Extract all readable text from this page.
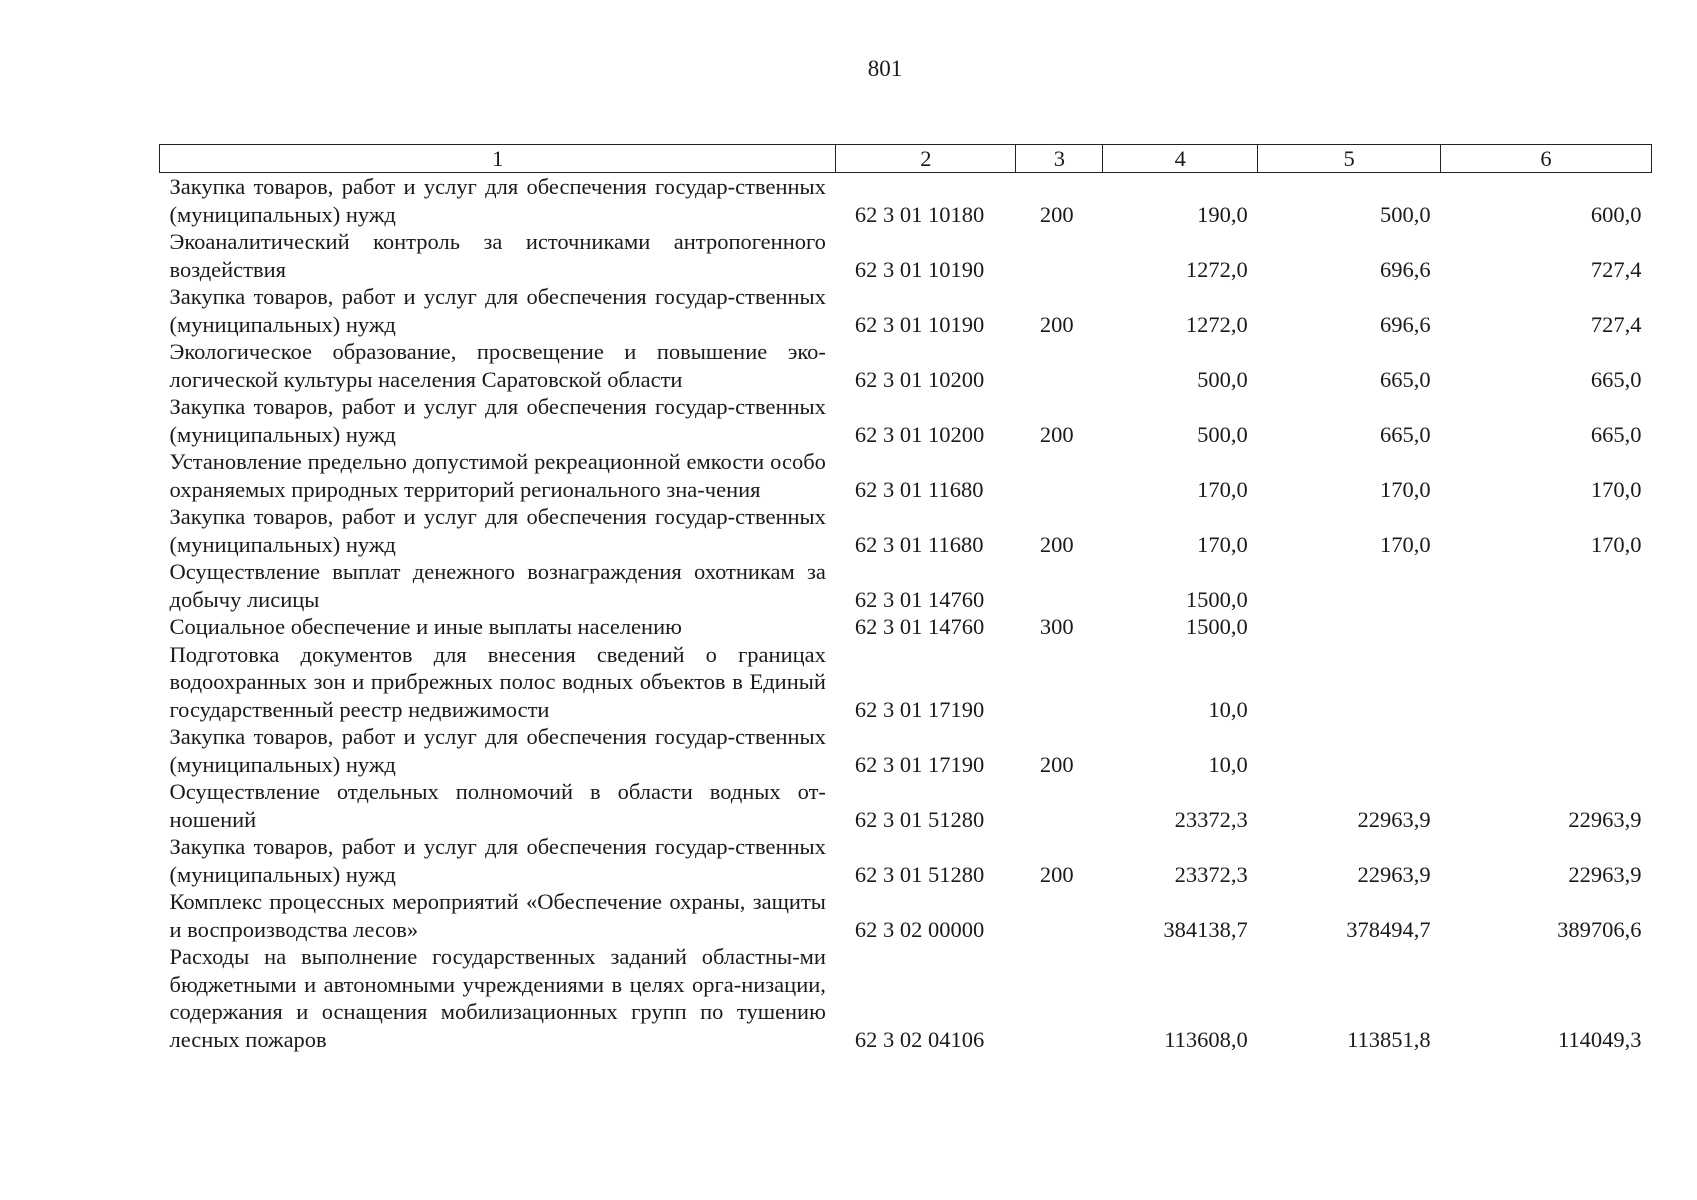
801
1	2	3	4	5	6
Закупка товаров, работ и услуг для обеспечения государ-ственных (муниципальных) нужд	62 3 01 10180	200	190,0	500,0	600,0
Экоаналитический контроль за источниками антропогенного воздействия	62 3 01 10190		1272,0	696,6	727,4
Закупка товаров, работ и услуг для обеспечения государ-ственных (муниципальных) нужд	62 3 01 10190	200	1272,0	696,6	727,4
Экологическое образование, просвещение и повышение эко-логической культуры населения Саратовской области	62 3 01 10200		500,0	665,0	665,0
Закупка товаров, работ и услуг для обеспечения государ-ственных (муниципальных) нужд	62 3 01 10200	200	500,0	665,0	665,0
Установление предельно допустимой рекреационной емкости особо охраняемых природных территорий регионального зна-чения	62 3 01 11680		170,0	170,0	170,0
Закупка товаров, работ и услуг для обеспечения государ-ственных (муниципальных) нужд	62 3 01 11680	200	170,0	170,0	170,0
Осуществление выплат денежного вознаграждения охотникам за добычу лисицы	62 3 01 14760		1500,0		
Социальное обеспечение и иные выплаты населению	62 3 01 14760	300	1500,0		
Подготовка документов для внесения сведений о границах водоохранных зон и прибрежных полос водных объектов в Единый государственный реестр недвижимости	62 3 01 17190		10,0		
Закупка товаров, работ и услуг для обеспечения государ-ственных (муниципальных) нужд	62 3 01 17190	200	10,0		
Осуществление отдельных полномочий в области водных от-ношений	62 3 01 51280		23372,3	22963,9	22963,9
Закупка товаров, работ и услуг для обеспечения государ-ственных (муниципальных) нужд	62 3 01 51280	200	23372,3	22963,9	22963,9
Комплекс процессных мероприятий «Обеспечение охраны, защиты и воспроизводства лесов»	62 3 02 00000		384138,7	378494,7	389706,6
Расходы на выполнение государственных заданий областны-ми бюджетными и автономными учреждениями в целях орга-низации, содержания и оснащения мобилизационных групп по тушению лесных пожаров	62 3 02 04106		113608,0	113851,8	114049,3
